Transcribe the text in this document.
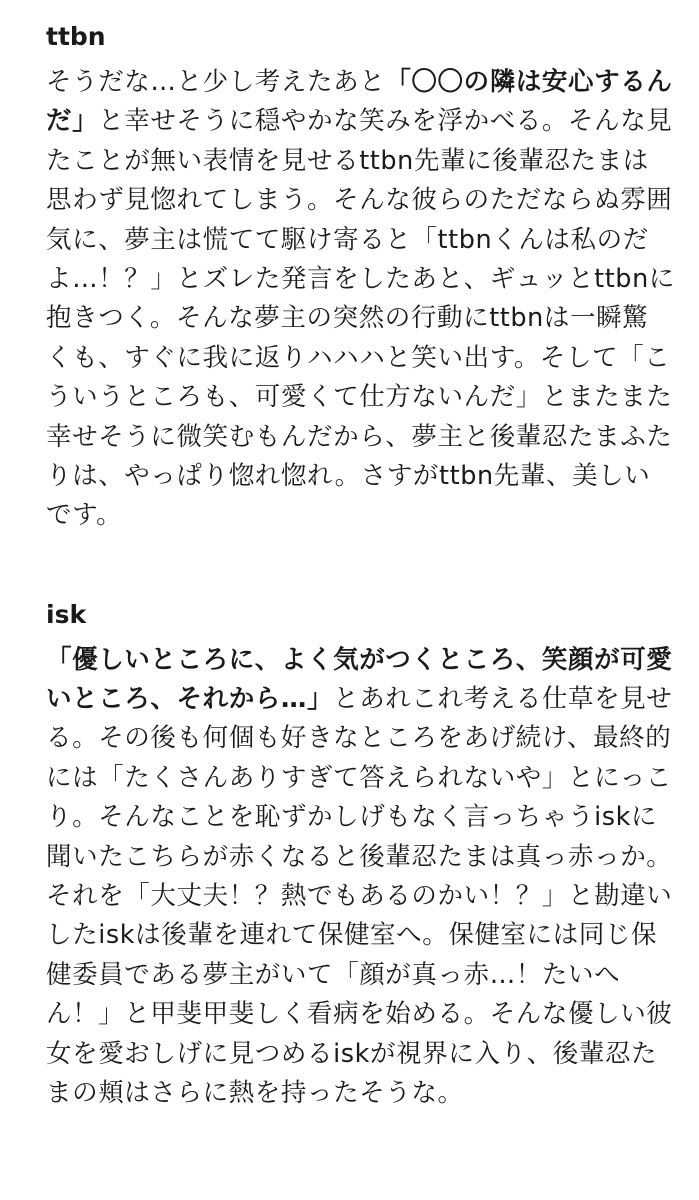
ttbn

そうだな…と少し考えたあと「〇〇の隣は安心するん
だ」と幸せそうに穏やかな笑みを浮かべる。そんな見
たことが無い表情を見せるttbn先輩に後輩忍たまは
思わず見惚れてしまう。そんな彼らのただならぬ雰囲
気に、夢主は慌てて駆け寄ると「ttbnくんは私のだ
よ…！？」とズレた発言をしたあと、ギュッとttbnに
抱きつく。そんな夢主の突然の行動にttbnは一瞬驚
くも、すぐに我に返りハハハと笑い出す。そして「こ
ういうところも、可愛くて仕方ないんだ」とまたまた
幸せそうに微笑むもんだから、夢主と後輩忍たまふた
りは、やっぱり惚れ惚れ。さすがttbn先輩、美しい
です。

isk

「優しいところに、よく気がつくところ、笑顔が可愛
いところ、それから…」とあれこれ考える仕草を見せ
る。その後も何個も好きなところをあげ続け、最終的
には「たくさんありすぎて答えられないや」とにっこ
り。そんなことを恥ずかしげもなく言っちゃうiskに
聞いたこちらが赤くなると後輩忍たまは真っ赤っか。
それを「大丈夫！？熱でもあるのかい！？」と勘違い
したiskは後輩を連れて保健室へ。保健室には同じ保
健委員である夢主がいて「顔が真っ赤…！たいへ
ん！」と甲斐甲斐しく看病を始める。そんな優しい彼
女を愛おしげに見つめるiskが視界に入り、後輩忍た
まの頬はさらに熱を持ったそうな。
